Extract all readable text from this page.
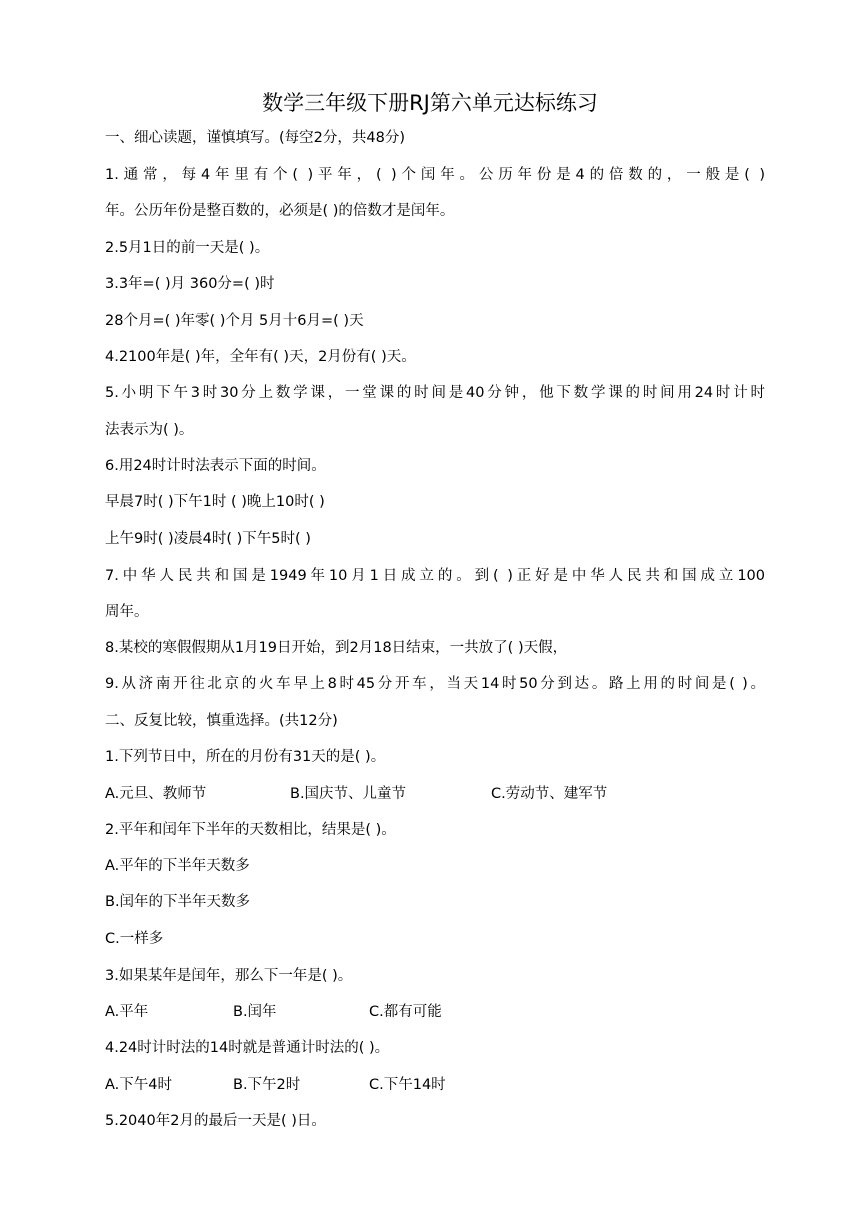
数学三年级下册RJ第六单元达标练习
一、细心读题，谨慎填写。(每空2分，共48分)
1.通常，每4年里有个( )平年，( )个闰年。公历年份是4的倍数的，一般是( )
年。公历年份是整百数的，必须是( )的倍数才是闰年。
2.5月1日的前一天是( )。
3.3年=( )月 360分=( )时
28个月=( )年零( )个月 5月十6月=( )天
4.2100年是( )年，全年有( )天，2月份有( )天。
5.小明下午3时30分上数学课，一堂课的时间是40分钟，他下数学课的时间用24时计时
法表示为( )。
6.用24时计时法表示下面的时间。
早晨7时( )下午1时 ( )晚上10时( )
上午9时( )凌晨4时( )下午5时( )
7.中华人民共和国是1949年10月1日成立的。到( )正好是中华人民共和国成立100
周年。
8.某校的寒假假期从1月19日开始，到2月18日结束，一共放了( )天假，
9.从济南开往北京的火车早上8时45分开车，当天14时50分到达。路上用的时间是( )。
二、反复比较，慎重选择。(共12分)
1.下列节日中，所在的月份有31天的是( )。
A.元旦、教师节	B.国庆节、儿童节	C.劳动节、建军节
2.平年和闰年下半年的天数相比，结果是( )。
A.平年的下半年天数多
B.闰年的下半年天数多
C.一样多
3.如果某年是闰年，那么下一年是( )。
A.平年	B.闰年	C.都有可能
4.24时计时法的14时就是普通计时法的( )。
A.下午4时	B.下午2时	C.下午14时
5.2040年2月的最后一天是( )日。
